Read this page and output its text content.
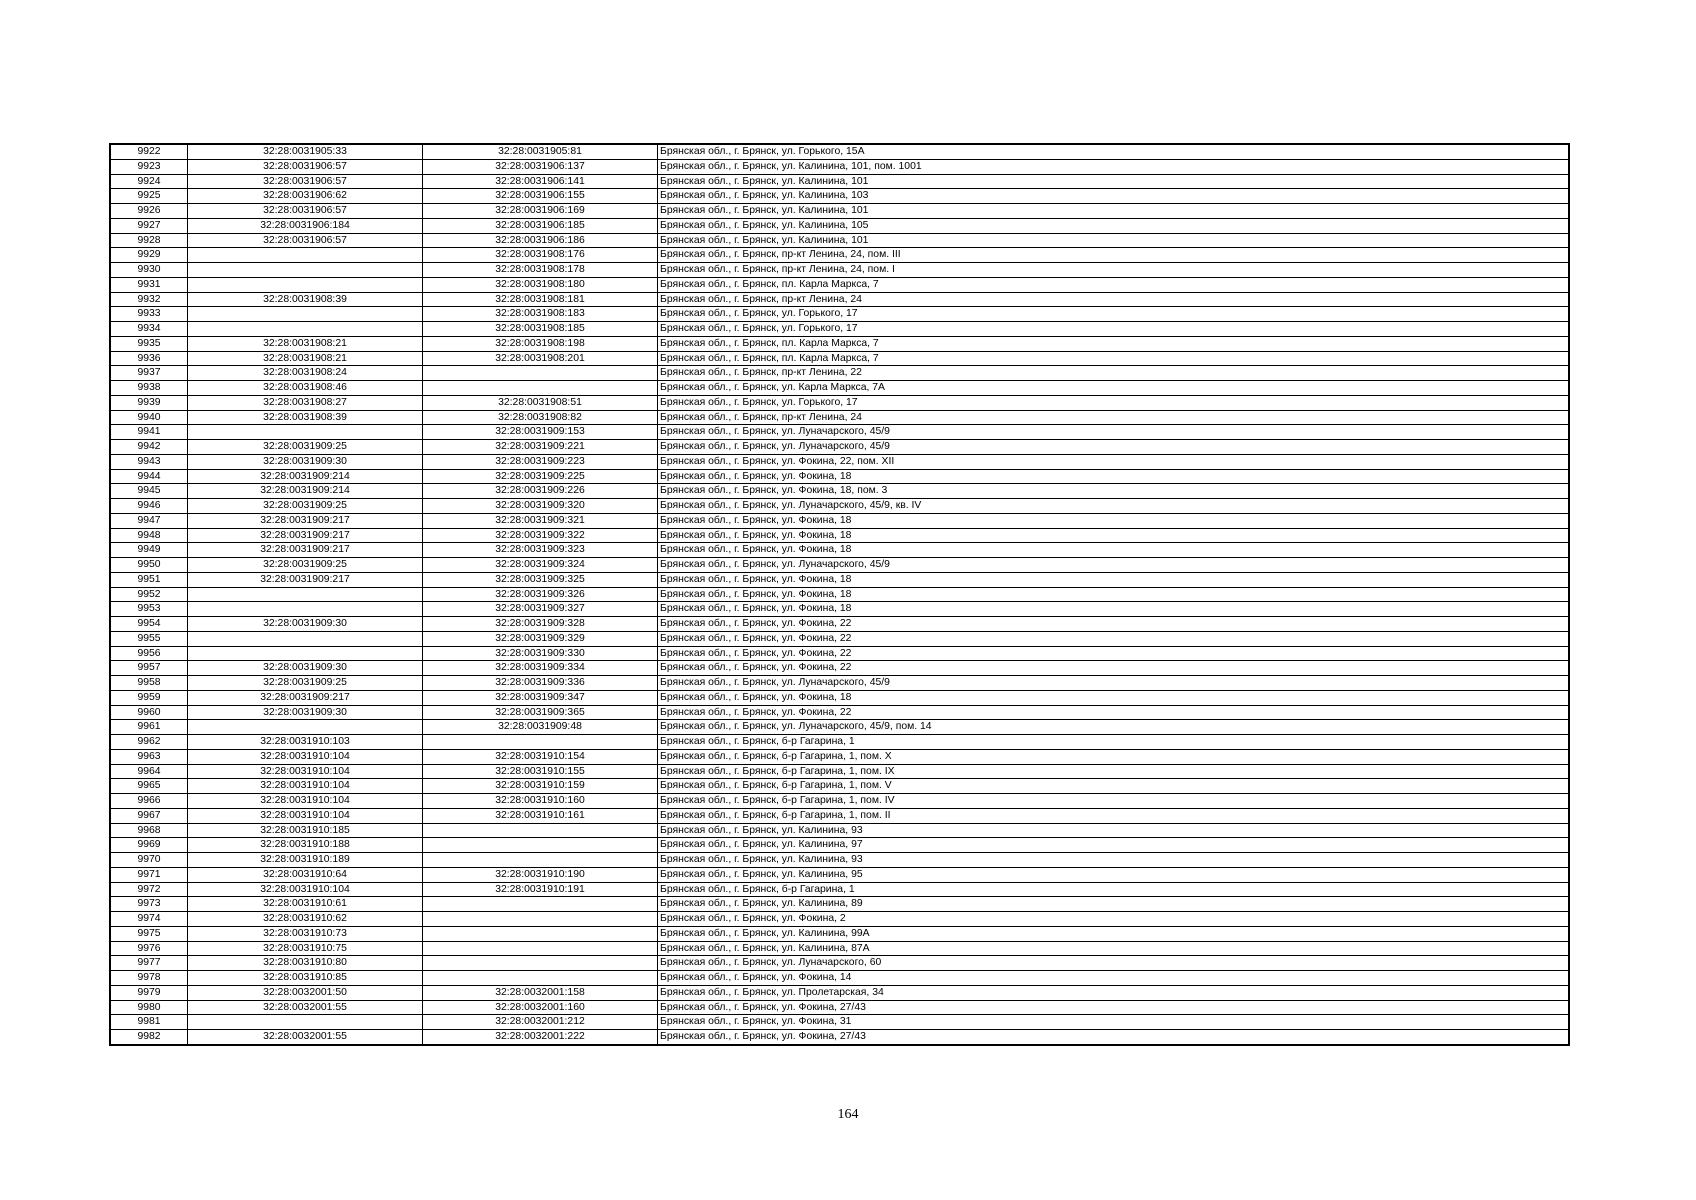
9922	32:28:0031905:33	32:28:0031905:81	Брянская обл., г. Брянск, ул. Горького, 15А
9923	32:28:0031906:57	32:28:0031906:137	Брянская обл., г. Брянск, ул. Калинина, 101, пом. 1001
9924	32:28:0031906:57	32:28:0031906:141	Брянская обл., г. Брянск, ул. Калинина, 101
9925	32:28:0031906:62	32:28:0031906:155	Брянская обл., г. Брянск, ул. Калинина, 103
9926	32:28:0031906:57	32:28:0031906:169	Брянская обл., г. Брянск, ул. Калинина, 101
9927	32:28:0031906:184	32:28:0031906:185	Брянская обл., г. Брянск, ул. Калинина, 105
9928	32:28:0031906:57	32:28:0031906:186	Брянская обл., г. Брянск, ул. Калинина, 101
9929		32:28:0031908:176	Брянская обл., г. Брянск, пр-кт Ленина, 24, пом. III
9930		32:28:0031908:178	Брянская обл., г. Брянск, пр-кт Ленина, 24, пом. I
9931		32:28:0031908:180	Брянская обл., г. Брянск, пл. Карла Маркса, 7
9932	32:28:0031908:39	32:28:0031908:181	Брянская обл., г. Брянск, пр-кт Ленина, 24
9933		32:28:0031908:183	Брянская обл., г. Брянск, ул. Горького, 17
9934		32:28:0031908:185	Брянская обл., г. Брянск, ул. Горького, 17
9935	32:28:0031908:21	32:28:0031908:198	Брянская обл., г. Брянск, пл. Карла Маркса, 7
9936	32:28:0031908:21	32:28:0031908:201	Брянская обл., г. Брянск, пл. Карла Маркса, 7
9937	32:28:0031908:24		Брянская обл., г. Брянск, пр-кт Ленина, 22
9938	32:28:0031908:46		Брянская обл., г. Брянск, ул. Карла Маркса, 7А
9939	32:28:0031908:27	32:28:0031908:51	Брянская обл., г. Брянск, ул. Горького, 17
9940	32:28:0031908:39	32:28:0031908:82	Брянская обл., г. Брянск, пр-кт Ленина, 24
9941		32:28:0031909:153	Брянская обл., г. Брянск, ул. Луначарского, 45/9
9942	32:28:0031909:25	32:28:0031909:221	Брянская обл., г. Брянск, ул. Луначарского, 45/9
9943	32:28:0031909:30	32:28:0031909:223	Брянская обл., г. Брянск, ул. Фокина, 22, пом. XII
9944	32:28:0031909:214	32:28:0031909:225	Брянская обл., г. Брянск, ул. Фокина, 18
9945	32:28:0031909:214	32:28:0031909:226	Брянская обл., г. Брянск, ул. Фокина, 18, пом. 3
9946	32:28:0031909:25	32:28:0031909:320	Брянская обл., г. Брянск, ул. Луначарского, 45/9, кв. IV
9947	32:28:0031909:217	32:28:0031909:321	Брянская обл., г. Брянск, ул. Фокина, 18
9948	32:28:0031909:217	32:28:0031909:322	Брянская обл., г. Брянск, ул. Фокина, 18
9949	32:28:0031909:217	32:28:0031909:323	Брянская обл., г. Брянск, ул. Фокина, 18
9950	32:28:0031909:25	32:28:0031909:324	Брянская обл., г. Брянск, ул. Луначарского, 45/9
9951	32:28:0031909:217	32:28:0031909:325	Брянская обл., г. Брянск, ул. Фокина, 18
9952		32:28:0031909:326	Брянская обл., г. Брянск, ул. Фокина, 18
9953		32:28:0031909:327	Брянская обл., г. Брянск, ул. Фокина, 18
9954	32:28:0031909:30	32:28:0031909:328	Брянская обл., г. Брянск, ул. Фокина, 22
9955		32:28:0031909:329	Брянская обл., г. Брянск, ул. Фокина, 22
9956		32:28:0031909:330	Брянская обл., г. Брянск, ул. Фокина, 22
9957	32:28:0031909:30	32:28:0031909:334	Брянская обл., г. Брянск, ул. Фокина, 22
9958	32:28:0031909:25	32:28:0031909:336	Брянская обл., г. Брянск, ул. Луначарского, 45/9
9959	32:28:0031909:217	32:28:0031909:347	Брянская обл., г. Брянск, ул. Фокина, 18
9960	32:28:0031909:30	32:28:0031909:365	Брянская обл., г. Брянск, ул. Фокина, 22
9961		32:28:0031909:48	Брянская обл., г. Брянск, ул. Луначарского, 45/9, пом. 14
9962	32:28:0031910:103		Брянская обл., г. Брянск, б-р Гагарина, 1
9963	32:28:0031910:104	32:28:0031910:154	Брянская обл., г. Брянск, б-р Гагарина, 1, пом. X
9964	32:28:0031910:104	32:28:0031910:155	Брянская обл., г. Брянск, б-р Гагарина, 1, пом. IX
9965	32:28:0031910:104	32:28:0031910:159	Брянская обл., г. Брянск, б-р Гагарина, 1, пом. V
9966	32:28:0031910:104	32:28:0031910:160	Брянская обл., г. Брянск, б-р Гагарина, 1, пом. IV
9967	32:28:0031910:104	32:28:0031910:161	Брянская обл., г. Брянск, б-р Гагарина, 1, пом. II
9968	32:28:0031910:185		Брянская обл., г. Брянск, ул. Калинина, 93
9969	32:28:0031910:188		Брянская обл., г. Брянск, ул. Калинина, 97
9970	32:28:0031910:189		Брянская обл., г. Брянск, ул. Калинина, 93
9971	32:28:0031910:64	32:28:0031910:190	Брянская обл., г. Брянск, ул. Калинина, 95
9972	32:28:0031910:104	32:28:0031910:191	Брянская обл., г. Брянск, б-р Гагарина, 1
9973	32:28:0031910:61		Брянская обл., г. Брянск, ул. Калинина, 89
9974	32:28:0031910:62		Брянская обл., г. Брянск, ул. Фокина, 2
9975	32:28:0031910:73		Брянская обл., г. Брянск, ул. Калинина, 99А
9976	32:28:0031910:75		Брянская обл., г. Брянск, ул. Калинина, 87А
9977	32:28:0031910:80		Брянская обл., г. Брянск, ул. Луначарского, 60
9978	32:28:0031910:85		Брянская обл., г. Брянск, ул. Фокина, 14
9979	32:28:0032001:50	32:28:0032001:158	Брянская обл., г. Брянск, ул. Пролетарская, 34
9980	32:28:0032001:55	32:28:0032001:160	Брянская обл., г. Брянск, ул. Фокина, 27/43
9981		32:28:0032001:212	Брянская обл., г. Брянск, ул. Фокина, 31
9982	32:28:0032001:55	32:28:0032001:222	Брянская обл., г. Брянск, ул. Фокина, 27/43
164
